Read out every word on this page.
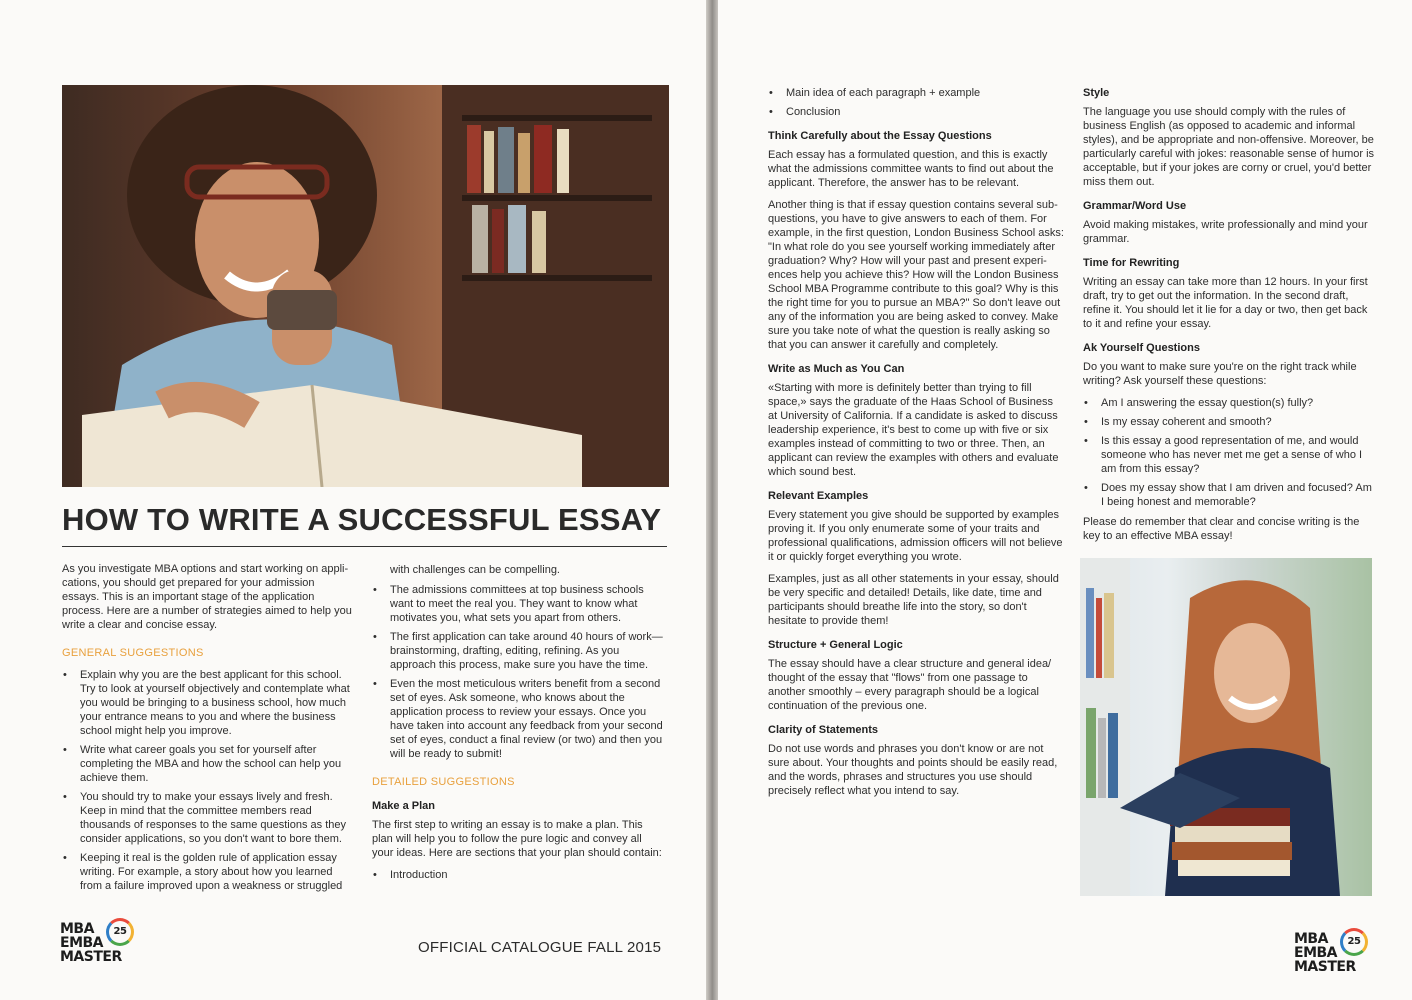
HOW TO WRITE A SUCCESSFUL ESSAY

As you investigate MBA options and start working on appli-cations, you should get prepared for your admission essays. This is an important stage of the application process. Here are a number of strategies aimed to help you write a clear and concise essay.

GENERAL SUGGESTIONS
• Explain why you are the best applicant for this school. Try to look at yourself objectively and contemplate what you would be bringing to a business school, how much your entrance means to you and where the business school might help you improve.
• Write what career goals you set for yourself after completing the MBA and how the school can help you achieve them.
• You should try to make your essays lively and fresh. Keep in mind that the committee members read thousands of responses to the same questions as they consider applications, so you don't want to bore them.
• Keeping it real is the golden rule of application essay writing. For example, a story about how you learned from a failure improved upon a weakness or struggled

with challenges can be compelling.

• The admissions committees at top business schools want to meet the real you. They want to know what motivates you, what sets you apart from others.
• The first application can take around 40 hours of work—brainstorming, drafting, editing, refining. As you approach this process, make sure you have the time.
• Even the most meticulous writers benefit from a second set of eyes. Ask someone, who knows about the application process to review your essays. Once you have taken into account any feedback from your second set of eyes, conduct a final review (or two) and then you will be ready to submit!
DETAILED SUGGESTIONS
Make a Plan

The first step to writing an essay is to make a plan. This plan will help you to follow the pure logic and convey all your ideas. Here are sections that your plan should contain:

• Introduction
MBA
EMBA
MASTER
25
OFFICIAL CATALOGUE FALL 2015
• Main idea of each paragraph + example
• Conclusion
Think Carefully about the Essay Questions

Each essay has a formulated question, and this is exactly what the admissions committee wants to find out about the applicant. Therefore, the answer has to be relevant.

Another thing is that if essay question contains several sub-questions, you have to give answers to each of them. For example, in the first question, London Business School asks: "In what role do you see yourself working immediately after graduation? Why? How will your past and present experi-ences help you achieve this? How will the London Business School MBA Programme contribute to this goal? Why is this the right time for you to pursue an MBA?" So don't leave out any of the information you are being asked to convey. Make sure you take note of what the question is really asking so that you can answer it carefully and completely.

Write as Much as You Can

«Starting with more is definitely better than trying to fill space,» says the graduate of the Haas School of Business at University of California. If a candidate is asked to discuss leadership experience, it's best to come up with five or six examples instead of committing to two or three. Then, an applicant can review the examples with others and evaluate which sound best.

Relevant Examples

Every statement you give should be supported by examples proving it. If you only enumerate some of your traits and professional qualifications, admission officers will not believe it or quickly forget everything you wrote.

Examples, just as all other statements in your essay, should be very specific and detailed! Details, like date, time and participants should breathe life into the story, so don't hesitate to provide them!

Structure + General Logic

The essay should have a clear structure and general idea/ thought of the essay that "flows" from one passage to another smoothly – every paragraph should be a logical continuation of the previous one.

Clarity of Statements

Do not use words and phrases you don't know or are not sure about. Your thoughts and points should be easily read, and the words, phrases and structures you use should precisely reflect what you intend to say.

Style

The language you use should comply with the rules of business English (as opposed to academic and informal styles), and be appropriate and non-offensive. Moreover, be particularly careful with jokes: reasonable sense of humor is acceptable, but if your jokes are corny or cruel, you'd better miss them out.

Grammar/Word Use

Avoid making mistakes, write professionally and mind your grammar.

Time for Rewriting

Writing an essay can take more than 12 hours. In your first draft, try to get out the information. In the second draft, refine it. You should let it lie for a day or two, then get back to it and refine your essay.

Ak Yourself Questions

Do you want to make sure you're on the right track while writing? Ask yourself these questions:

• Am I answering the essay question(s) fully?
• Is my essay coherent and smooth?
• Is this essay a good representation of me, and would someone who has never met me get a sense of who I am from this essay?
• Does my essay show that I am driven and focused? Am I being honest and memorable?

Please do remember that clear and concise writing is the key to an effective MBA essay!

MBA
EMBA
MASTER
25
